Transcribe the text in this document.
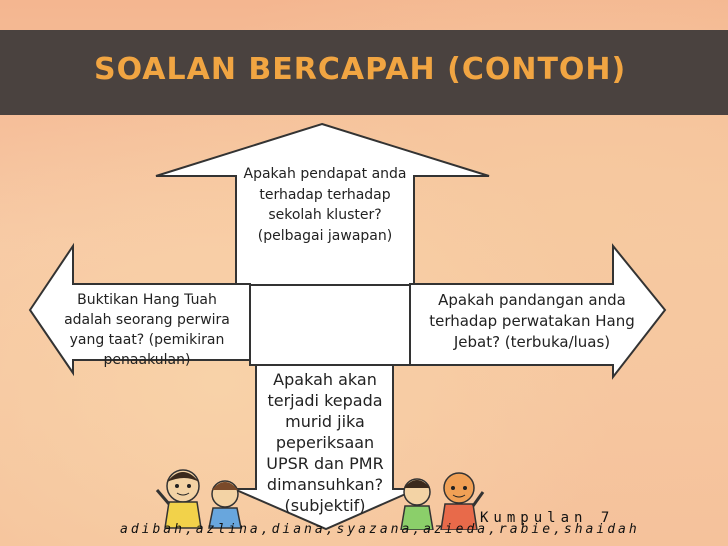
SOALAN BERCAPAH (CONTOH)
Apakah pendapat anda terhadap terhadap sekolah kluster? (pelbagai jawapan)
Buktikan Hang Tuah adalah seorang perwira yang taat? (pemikiran penaakulan)
Apakah pandangan anda terhadap perwatakan Hang Jebat? (terbuka/luas)
Apakah akan terjadi kepada murid jika peperiksaan UPSR dan PMR dimansuhkan? (subjektif)
Kumpulan 7
adibah,azlina,diana,syazana,azieda,rabie,shaidah
